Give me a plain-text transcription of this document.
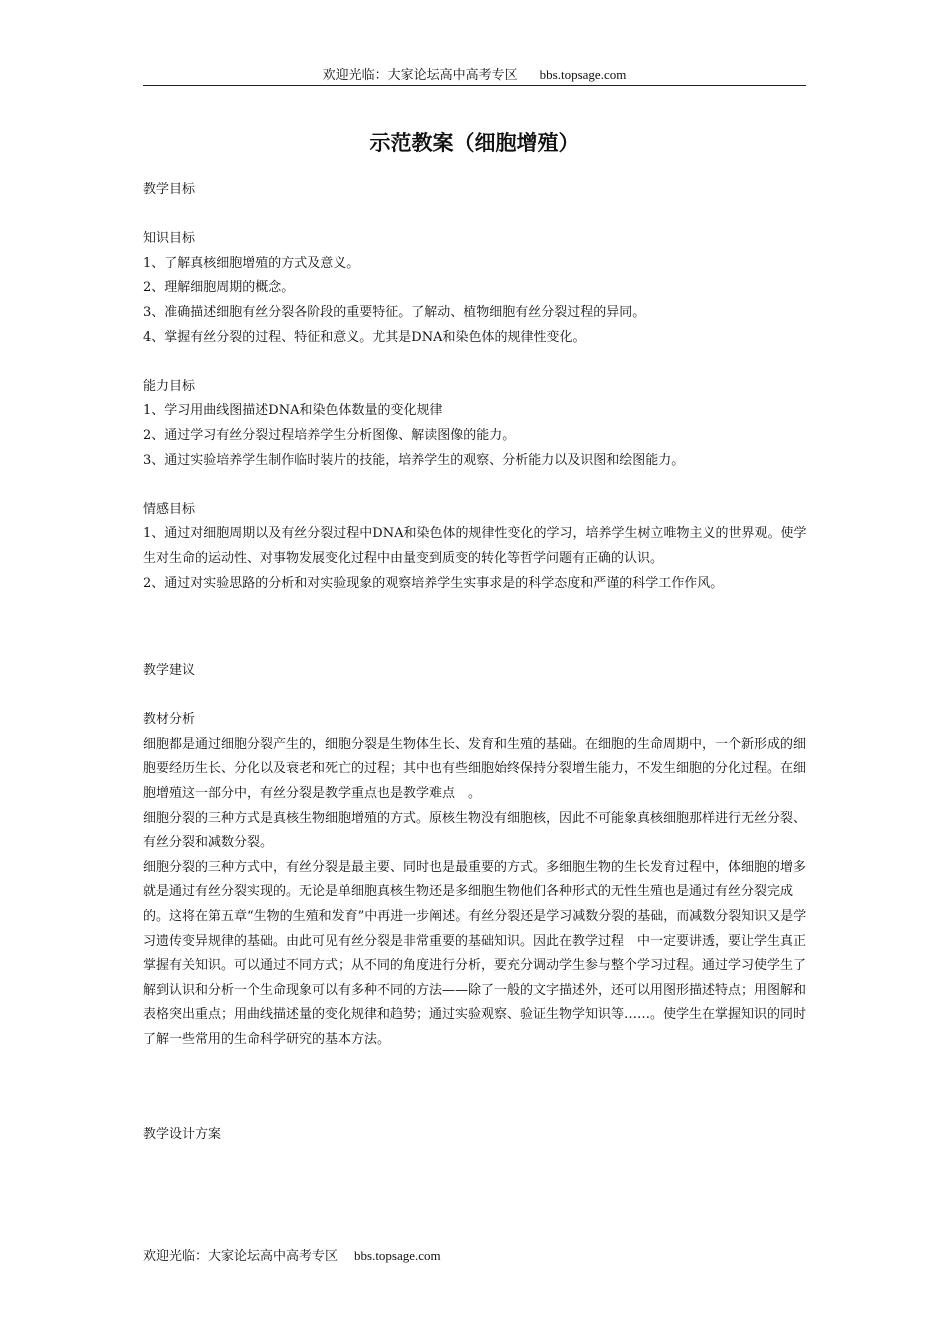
欢迎光临：大家论坛高中高考专区 bbs.topsage.com
示范教案（细胞增殖）

教学目标

知识目标

1、了解真核细胞增殖的方式及意义。

2、理解细胞周期的概念。

3、准确描述细胞有丝分裂各阶段的重要特征。了解动、植物细胞有丝分裂过程的异同。

4、掌握有丝分裂的过程、特征和意义。尤其是DNA和染色体的规律性变化。

能力目标

1、学习用曲线图描述DNA和染色体数量的变化规律

2、通过学习有丝分裂过程培养学生分析图像、解读图像的能力。

3、通过实验培养学生制作临时装片的技能，培养学生的观察、分析能力以及识图和绘图能力。

情感目标

1、通过对细胞周期以及有丝分裂过程中DNA和染色体的规律性变化的学习，培养学生树立唯物主义的世界观。使学生对生命的运动性、对事物发展变化过程中由量变到质变的转化等哲学问题有正确的认识。

2、通过对实验思路的分析和对实验现象的观察培养学生实事求是的科学态度和严谨的科学工作作风。

教学建议

教材分析

细胞都是通过细胞分裂产生的，细胞分裂是生物体生长、发育和生殖的基础。在细胞的生命周期中，一个新形成的细胞要经历生长、分化以及衰老和死亡的过程；其中也有些细胞始终保持分裂增生能力，不发生细胞的分化过程。在细胞增殖这一部分中，有丝分裂是教学重点也是教学难点　。

细胞分裂的三种方式是真核生物细胞增殖的方式。原核生物没有细胞核，因此不可能象真核细胞那样进行无丝分裂、有丝分裂和减数分裂。

细胞分裂的三种方式中，有丝分裂是最主要、同时也是最重要的方式。多细胞生物的生长发育过程中，体细胞的增多就是通过有丝分裂实现的。无论是单细胞真核生物还是多细胞生物他们各种形式的无性生殖也是通过有丝分裂完成的。这将在第五章“生物的生殖和发育”中再进一步阐述。有丝分裂还是学习减数分裂的基础，而减数分裂知识又是学习遗传变异规律的基础。由此可见有丝分裂是非常重要的基础知识。因此在教学过程　中一定要讲透，要让学生真正掌握有关知识。可以通过不同方式；从不同的角度进行分析，要充分调动学生参与整个学习过程。通过学习使学生了解到认识和分析一个生命现象可以有多种不同的方法——除了一般的文字描述外，还可以用图形描述特点；用图解和表格突出重点；用曲线描述量的变化规律和趋势；通过实验观察、验证生物学知识等……。使学生在掌握知识的同时了解一些常用的生命科学研究的基本方法。

教学设计方案

欢迎光临：大家论坛高中高考专区 bbs.topsage.com
